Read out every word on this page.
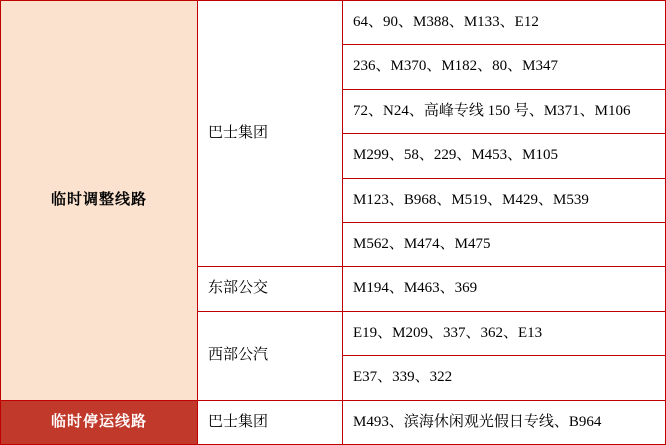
临时调整线路	巴士集团	64、90、M388、M133、E12
		236、M370、M182、80、M347
		72、N24、高峰专线 150 号、M371、M106
		M299、58、229、M453、M105
		M123、B968、M519、M429、M539
		M562、M474、M475
	东部公交	M194、M463、369
	西部公汽	E19、M209、337、362、E13
		E37、339、322
临时停运线路	巴士集团	M493、滨海休闲观光假日专线、B964
